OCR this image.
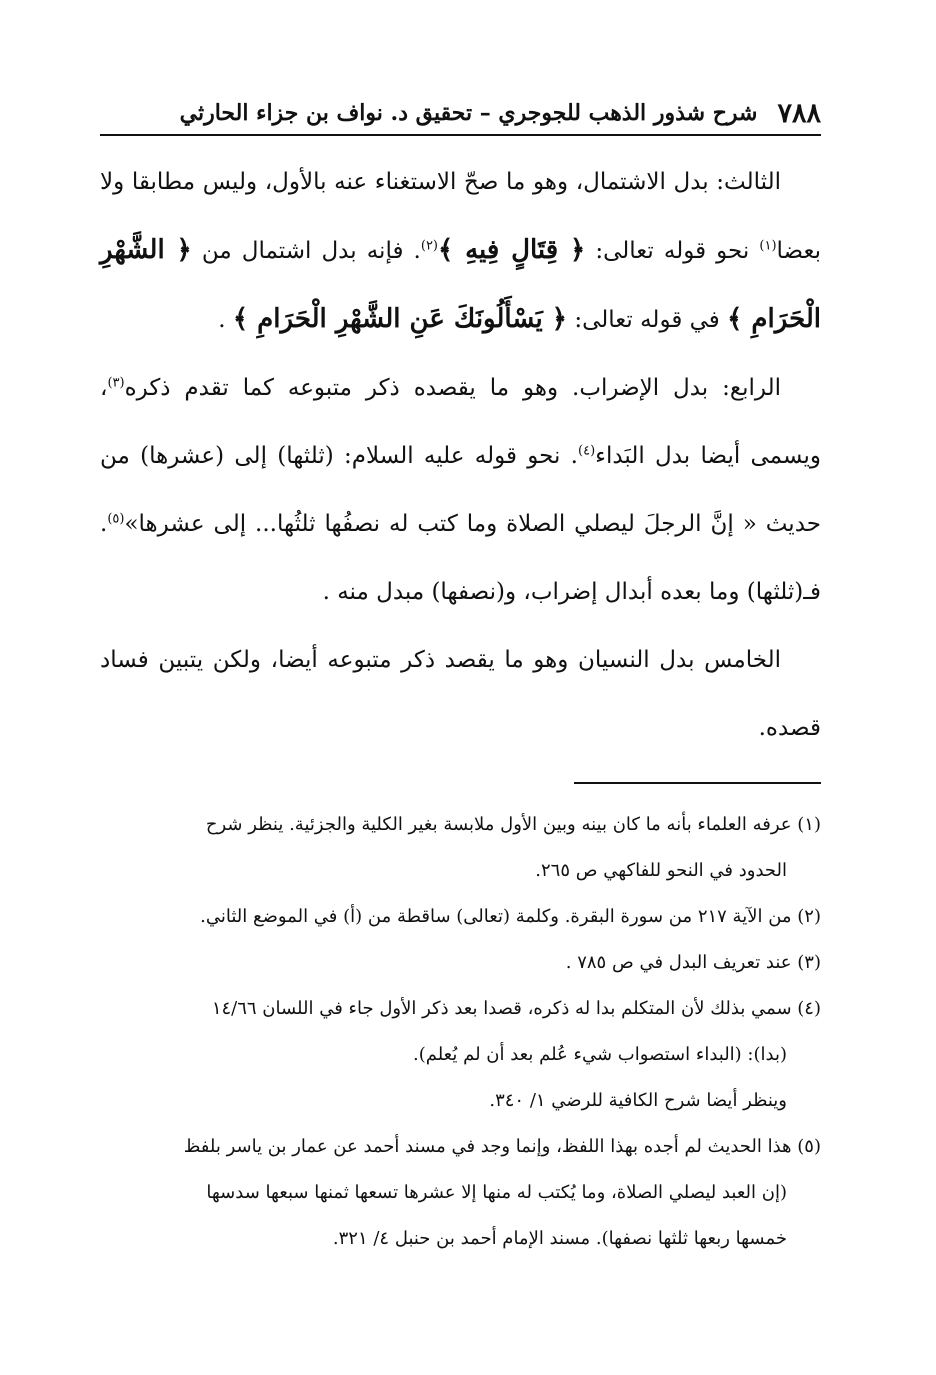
٧٨٨
شرح شذور الذهب للجوجري – تحقيق د. نواف بن جزاء الحارثي

الثالث: بدل الاشتمال، وهو ما صحّ الاستغناء عنه بالأول، وليس مطابقا ولا بعضا$^{(١)}$ نحو قوله تعالى: ﴿ قِتَالٍ فِيهِ ﴾$^{(٢)}$. فإنه بدل اشتمال من ﴿ الشَّهْرِ الْحَرَامِ ﴾ في قوله تعالى: ﴿ يَسْأَلُونَكَ عَنِ الشَّهْرِ الْحَرَامِ ﴾ .

الرابع: بدل الإضراب. وهو ما يقصده ذكر متبوعه كما تقدم ذكره$^{(٣)}$، ويسمى أيضا بدل البَداء$^{(٤)}$. نحو قوله عليه السلام: (ثلثها) إلى (عشرها) من حديث « إنَّ الرجلَ ليصلي الصلاة وما كتب له نصفُها ثلثُها... إلى عشرها»$^{(٥)}$. فـ(ثلثها) وما بعده أبدال إضراب، و(نصفها) مبدل منه .

الخامس بدل النسيان وهو ما يقصد ذكر متبوعه أيضا، ولكن يتبين فساد قصده.

(١) عرفه العلماء بأنه ما كان بينه وبين الأول ملابسة بغير الكلية والجزئية. ينظر شرح

الحدود في النحو للفاكهي ص ٢٦٥.

(٢) من الآية ٢١٧ من سورة البقرة. وكلمة (تعالى) ساقطة من (أ) في الموضع الثاني.

(٣) عند تعريف البدل في ص ٧٨٥ .

(٤) سمي بذلك لأن المتكلم بدا له ذكره، قصدا بعد ذكر الأول جاء في اللسان ١٤/٦٦

(بدا): (البداء استصواب شيء عُلم بعد أن لم يُعلم).

وينظر أيضا شرح الكافية للرضي ١/ ٣٤٠.

(٥) هذا الحديث لم أجده بهذا اللفظ، وإنما وجد في مسند أحمد عن عمار بن ياسر بلفظ

(إن العبد ليصلي الصلاة، وما يُكتب له منها إلا عشرها تسعها ثمنها سبعها سدسها

خمسها ربعها ثلثها نصفها). مسند الإمام أحمد بن حنبل ٤/ ٣٢١.
